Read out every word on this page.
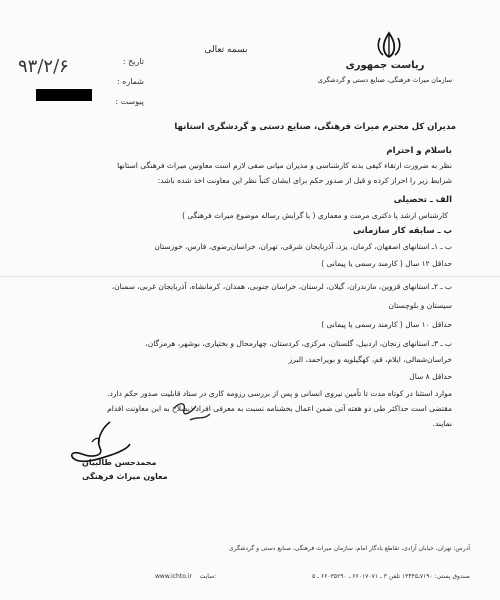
۹۳/۲/۶	تاریخ :
شماره :
پیوست :
بسمه تعالی
ریاست جمهوری
سازمان میراث فرهنگی، صنایع دستی و گردشگری
مدیران کل محترم میراث فرهنگی، صنایع دستی و گردشگری استانها
باسلام و احترام
نظر به ضرورت ارتقاء کیفی بدنه کارشناسی و مدیران میانی صفی لازم است معاونین میراث فرهنگی استانها
شرایط زیر را احراز کرده و قبل از صدور حکم برای ایشان کتباً نظر این معاونت اخذ شده باشد:
الف ـ تحصیلی
کارشناس ارشد یا دکتری مرمت و معماری ( با گرایش رساله موضوع میراث فرهنگی )
ب ـ سابقه کار سازمانی
ب ـ ۱ـ استانهای اصفهان، کرمان، یزد، آذربایجان شرقی، تهران، خراسان‌رضوی، فارس، خوزستان
حداقل ۱۲ سال ( کارمند رسمی یا پیمانی )
ب ـ ۲ـ استانهای قزوین، مازندران، گیلان، لرستان، خراسان جنوبی، همدان، کرمانشاه، آذربایجان غربی، سمنان،
سیستان و بلوچستان
حداقل ۱۰ سال ( کارمند رسمی یا پیمانی )
ب ـ ۳ـ استانهای زنجان، اردبیل، گلستان، مرکزی، کردستان، چهارمحال و بختیاری، بوشهر، هرمزگان،
خراسان‌شمالی، ایلام، قم، کهگیلویه و بویراحمد، البرز
حداقل ۸ سال
موارد استثنا در کوتاه مدت تا تأمین نیروی انسانی و پس از بررسی رزومه کاری در ستاد قابلیت صدور حکم دارد.
مقتضی است حداکثر طی دو هفته آتی ضمن اعمال بخشنامه نسبت به معرفی افراد ذیصلاح به این معاونت اقدام
نمایند.
محمدحسن طالبیان
معاون میراث فرهنگی
آدرس: تهران، خیابان آزادی، تقاطع یادگار امام، سازمان میراث فرهنگی، صنایع دستی و گردشگری
صندوق پستی: ۷۱۹۰ـ۱۳۴۴۵ تلفن ۳ ـ ۶۶۰۱۷۰۷۱ ـ ۶۶۰۳۵۲۹۰ ـ ۵
www.ichto.ir سایت:
